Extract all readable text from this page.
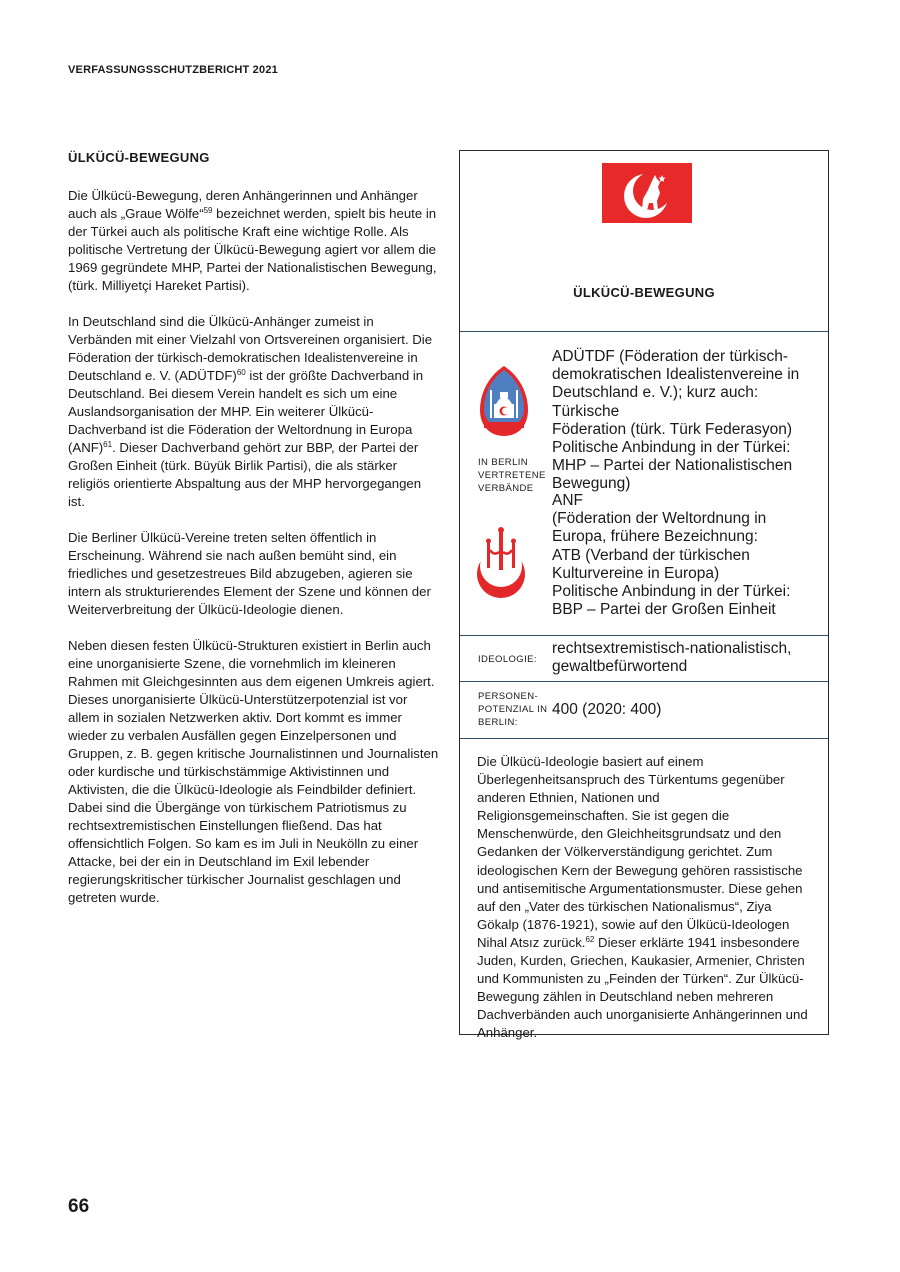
VERFASSUNGSSCHUTZBERICHT 2021
ÜLKÜCÜ-BEWEGUNG

Die Ülkücü-Bewegung, deren Anhängerinnen und Anhänger auch als „Graue Wölfe“$^{59}$ bezeichnet werden, spielt bis heute in der Türkei auch als politische Kraft eine wichtige Rolle. Als politische Vertretung der Ülkücü-Bewegung agiert vor allem die 1969 gegründete MHP, Partei der Nationalistischen Bewegung, (türk. Milliyetçi Hareket Partisi).

In Deutschland sind die Ülkücü-Anhänger zumeist in Verbänden mit einer Vielzahl von Ortsvereinen organisiert. Die Föderation der türkisch-demokratischen Idealistenvereine in Deutschland e. V. (ADÜTDF)$^{60}$ ist der größte Dachverband in Deutschland. Bei diesem Verein handelt es sich um eine Auslandsorganisation der MHP. Ein weiterer Ülkücü-Dachverband ist die Föderation der Weltordnung in Europa (ANF)$^{61}$. Dieser Dachverband gehört zur BBP, der Partei der Großen Einheit (türk. Büyük Birlik Partisi), die als stärker religiös orientierte Abspaltung aus der MHP hervorgegangen ist.

Die Berliner Ülkücü-Vereine treten selten öffentlich in Erscheinung. Während sie nach außen bemüht sind, ein friedliches und gesetzestreues Bild abzugeben, agieren sie intern als strukturierendes Element der Szene und können der Weiterverbreitung der Ülkücü-Ideologie dienen.

Neben diesen festen Ülkücü-Strukturen existiert in Berlin auch eine unorganisierte Szene, die vornehmlich im kleineren Rahmen mit Gleichgesinnten aus dem eigenen Umkreis agiert. Dieses unorganisierte Ülkücü-Unterstützerpotenzial ist vor allem in sozialen Netzwerken aktiv. Dort kommt es immer wieder zu verbalen Ausfällen gegen Einzelpersonen und Gruppen, z. B. gegen kritische Journalistinnen und Journalisten oder kurdische und türkischstämmige Aktivistinnen und Aktivisten, die die Ülkücü-Ideologie als Feindbilder definiert. Dabei sind die Übergänge von türkischem Patriotismus zu rechtsextremistischen Einstellungen fließend. Das hat offensichtlich Folgen. So kam es im Juli in Neukölln zu einer Attacke, bei der ein in Deutschland im Exil lebender regierungskritischer türkischer Journalist geschlagen und getreten wurde.

ÜLKÜCÜ-BEWEGUNG
IN BERLIN VERTRETENE VERBÄNDE
ADÜTDF (Föderation der türkisch-
demokratischen Idealistenvereine in
Deutschland e. V.); kurz auch: Türkische
Föderation (türk. Türk Federasyon)
Politische Anbindung in der Türkei:
MHP – Partei der Nationalistischen
Bewegung)
ANF
(Föderation der Weltordnung in
Europa, frühere Bezeichnung:
ATB (Verband der türkischen
Kulturvereine in Europa)
Politische Anbindung in der Türkei:
BBP – Partei der Großen Einheit
IDEOLOGIE:
rechtsextremistisch-nationalistisch, gewaltbefürwortend
PERSONEN-POTENZIAL IN BERLIN:
400 (2020: 400)
Die Ülkücü-Ideologie basiert auf einem Überlegenheitsanspruch des Türkentums gegenüber anderen Ethnien, Nationen und Religionsgemeinschaften. Sie ist gegen die Menschenwürde, den Gleichheitsgrundsatz und den Gedanken der Völkerverständigung gerichtet. Zum ideologischen Kern der Bewegung gehören rassistische und antisemitische Argumentationsmuster. Diese gehen auf den „Vater des türkischen Nationalismus“, Ziya Gökalp (1876-1921), sowie auf den Ülkücü-Ideologen Nihal Atsız zurück.$^{62}$ Dieser erklärte 1941 insbesondere Juden, Kurden, Griechen, Kaukasier, Armenier, Christen und Kommunisten zu „Feinden der Türken“. Zur Ülkücü-Bewegung zählen in Deutschland neben mehreren Dachverbänden auch unorganisierte Anhängerinnen und Anhänger.
66
